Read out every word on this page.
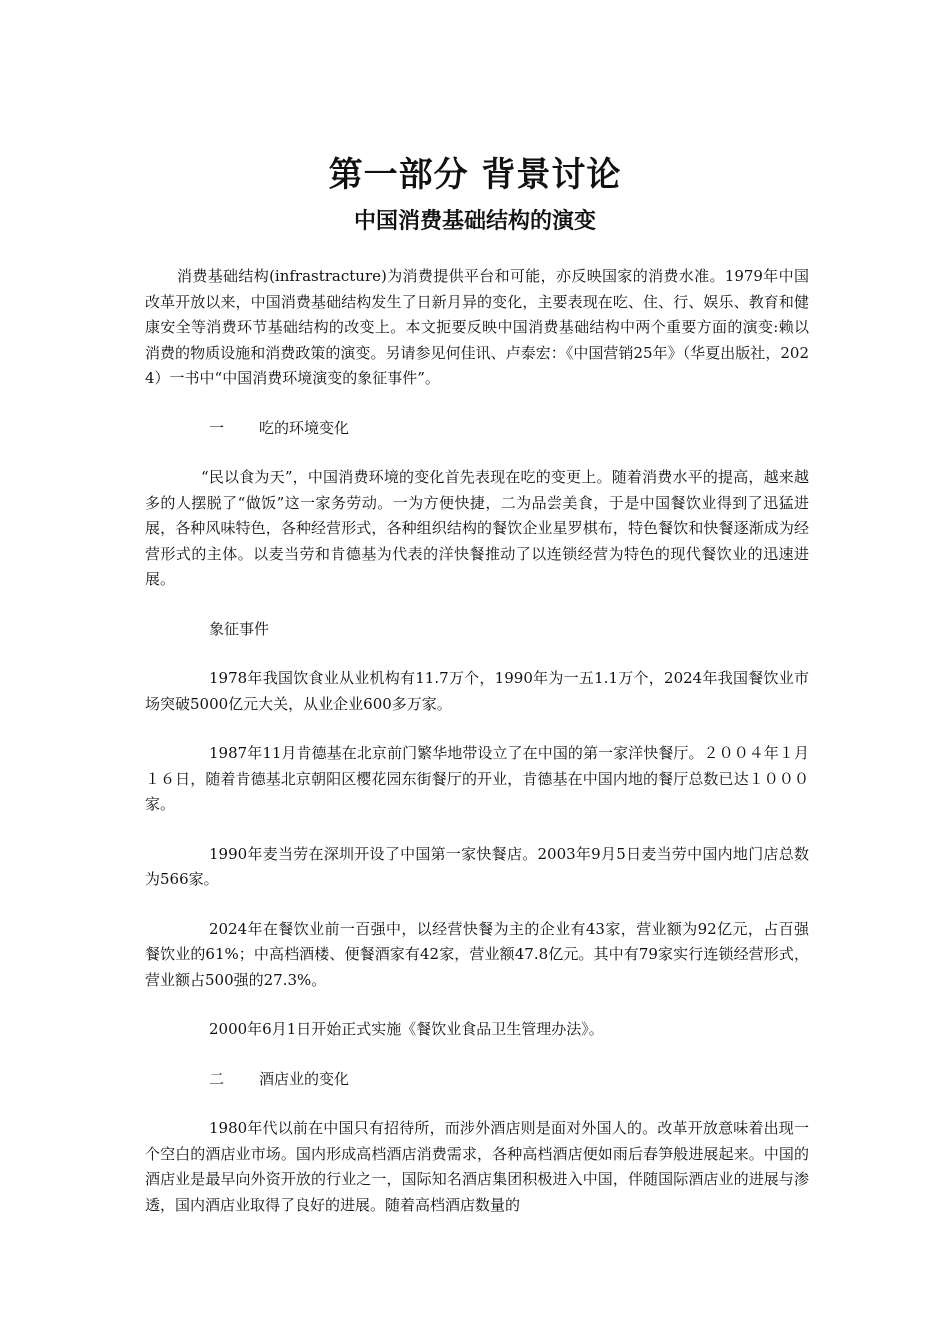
第一部分 背景讨论
中国消费基础结构的演变

消费基础结构(infrastracture)为消费提供平台和可能，亦反映国家的消费水准。1979年中国改革开放以来，中国消费基础结构发生了日新月异的变化，主要表现在吃、住、行、娱乐、教育和健康安全等消费环节基础结构的改变上。本文扼要反映中国消费基础结构中两个重要方面的演变:赖以消费的物质设施和消费政策的演变。另请参见何佳讯、卢泰宏：《中国营销25年》（华夏出版社，2024）一书中“中国消费环境演变的象征事件”。

一 吃的环境变化

“民以食为天”，中国消费环境的变化首先表现在吃的变更上。随着消费水平的提高，越来越多的人摆脱了“做饭”这一家务劳动。一为方便快捷，二为品尝美食，于是中国餐饮业得到了迅猛进展，各种风味特色，各种经营形式，各种组织结构的餐饮企业星罗棋布，特色餐饮和快餐逐渐成为经营形式的主体。以麦当劳和肯德基为代表的洋快餐推动了以连锁经营为特色的现代餐饮业的迅速进展。

象征事件

1978年我国饮食业从业机构有11.7万个，1990年为一五1.1万个，2024年我国餐饮业市场突破5000亿元大关，从业企业600多万家。

1987年11月肯德基在北京前门繁华地带设立了在中国的第一家洋快餐厅。２００４年１月１６日，随着肯德基北京朝阳区樱花园东街餐厅的开业，肯德基在中国内地的餐厅总数已达１０００家。

1990年麦当劳在深圳开设了中国第一家快餐店。2003年9月5日麦当劳中国内地门店总数为566家。

2024年在餐饮业前一百强中，以经营快餐为主的企业有43家，营业额为92亿元，占百强餐饮业的61%；中高档酒楼、便餐酒家有42家，营业额47.8亿元。其中有79家实行连锁经营形式，营业额占500强的27.3%。

2000年6月1日开始正式实施《餐饮业食品卫生管理办法》。

二 酒店业的变化

1980年代以前在中国只有招待所，而涉外酒店则是面对外国人的。改革开放意味着出现一个空白的酒店业市场。国内形成高档酒店消费需求，各种高档酒店便如雨后春笋般进展起来。中国的酒店业是最早向外资开放的行业之一，国际知名酒店集团积极进入中国，伴随国际酒店业的进展与渗透，国内酒店业取得了良好的进展。随着高档酒店数量的
